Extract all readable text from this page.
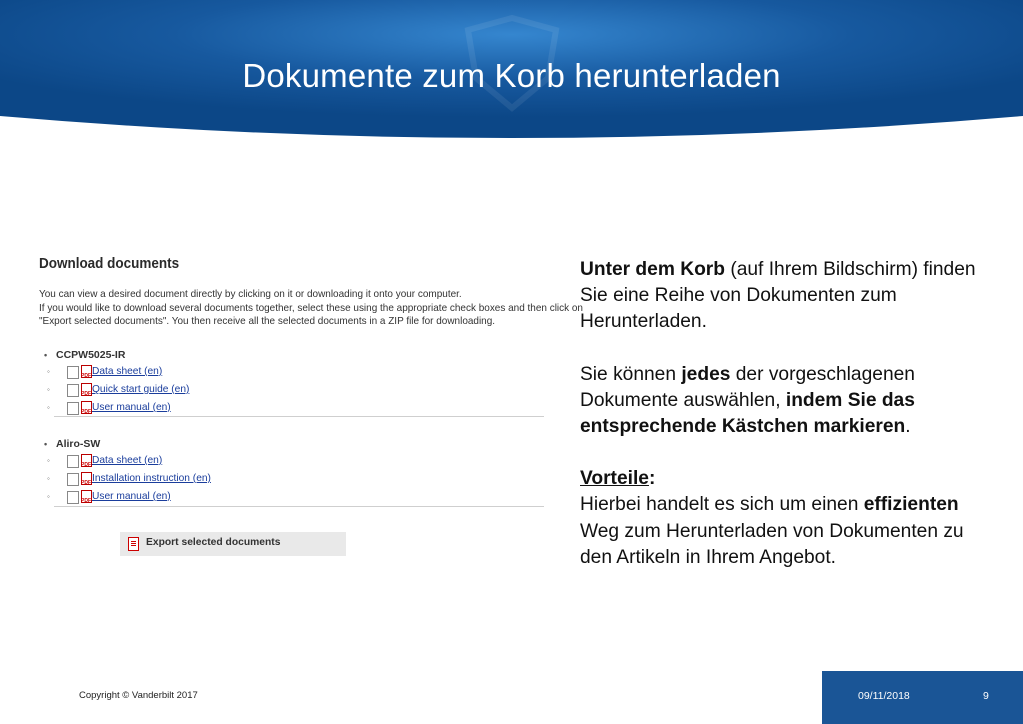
Dokumente zum Korb herunterladen
Download documents
You can view a desired document directly by clicking on it or downloading it onto your computer.
If you would like to download several documents together, select these using the appropriate check boxes and then click on
"Export selected documents". You then receive all the selected documents in a ZIP file for downloading.
• CCPW5025-IR
◦ PDF	Data sheet (en)
◦ PDF	Quick start guide (en)
◦ PDF	User manual (en)
• Aliro-SW
◦ PDF	Data sheet (en)
◦ PDF	Installation instruction (en)
◦ PDF	User manual (en)
Export selected documents

Unter dem Korb (auf Ihrem Bildschirm) finden Sie eine Reihe von Dokumenten zum Herunterladen.

Sie können jedes der vorgeschlagenen Dokumente auswählen, indem Sie das entsprechende Kästchen markieren.

Vorteile:
Hierbei handelt es sich um einen effizienten Weg zum Herunterladen von Dokumenten zu den Artikeln in Ihrem Angebot.

Copyright © Vanderbilt 2017	09/11/2018	9
